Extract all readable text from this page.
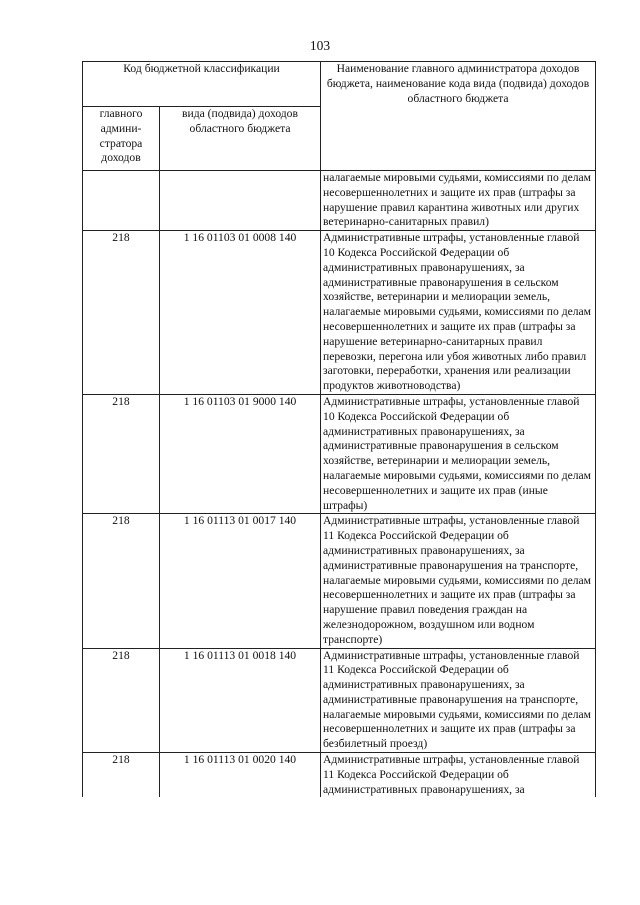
103
Код бюджетной классификации		Наименование главного администратора доходов бюджета, наименование кода вида (подвида) доходов областного бюджета
главного админи-стратора доходов	вида (подвида) доходов областного бюджета	
		налагаемые мировыми судьями, комиссиями по делам несовершеннолетних и защите их прав (штрафы за нарушение правил карантина животных или других ветеринарно-санитарных правил)
218	1 16 01103 01 0008 140	Административные штрафы, установленные главой 10 Кодекса Российской Федерации об административных правонарушениях, за административные правонарушения в сельском хозяйстве, ветеринарии и мелиорации земель, налагаемые мировыми судьями, комиссиями по делам несовершеннолетних и защите их прав (штрафы за нарушение ветеринарно-санитарных правил перевозки, перегона или убоя животных либо правил заготовки, переработки, хранения или реализации продуктов животноводства)
218	1 16 01103 01 9000 140	Административные штрафы, установленные главой 10 Кодекса Российской Федерации об административных правонарушениях, за административные правонарушения в сельском хозяйстве, ветеринарии и мелиорации земель, налагаемые мировыми судьями, комиссиями по делам несовершеннолетних и защите их прав (иные штрафы)
218	1 16 01113 01 0017 140	Административные штрафы, установленные главой 11 Кодекса Российской Федерации об административных правонарушениях, за административные правонарушения на транспорте, налагаемые мировыми судьями, комиссиями по делам несовершеннолетних и защите их прав (штрафы за нарушение правил поведения граждан на железнодорожном, воздушном или водном транспорте)
218	1 16 01113 01 0018 140	Административные штрафы, установленные главой 11 Кодекса Российской Федерации об административных правонарушениях, за административные правонарушения на транспорте, налагаемые мировыми судьями, комиссиями по делам несовершеннолетних и защите их прав (штрафы за безбилетный проезд)
218	1 16 01113 01 0020 140	Административные штрафы, установленные главой 11 Кодекса Российской Федерации об административных правонарушениях, за
